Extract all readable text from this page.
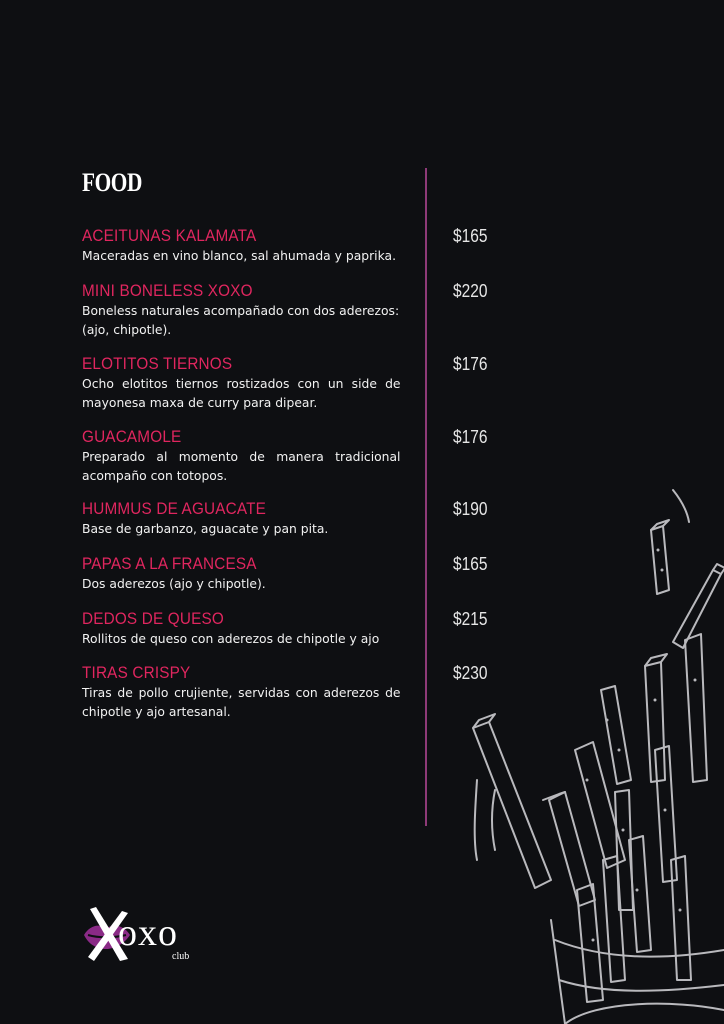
FOOD
ACEITUNAS KALAMATA
Maceradas en vino blanco, sal ahumada y paprika.
$165
MINI BONELESS XOXO
Boneless naturales acompañado con dos aderezos: (ajo, chipotle).
$220
ELOTITOS TIERNOS
Ocho elotitos tiernos rostizados con un side de mayonesa maxa de curry para dipear.
$176
GUACAMOLE
Preparado al momento de manera tradicional acompaño con totopos.
$176
HUMMUS DE AGUACATE
Base de garbanzo, aguacate y pan pita.
$190
PAPAS A LA FRANCESA
Dos aderezos (ajo y chipotle).
$165
DEDOS DE QUESO
Rollitos de queso con aderezos de chipotle y ajo
$215
TIRAS CRISPY
Tiras de pollo crujiente, servidas con aderezos de chipotle y ajo artesanal.
$230
oxo
club
